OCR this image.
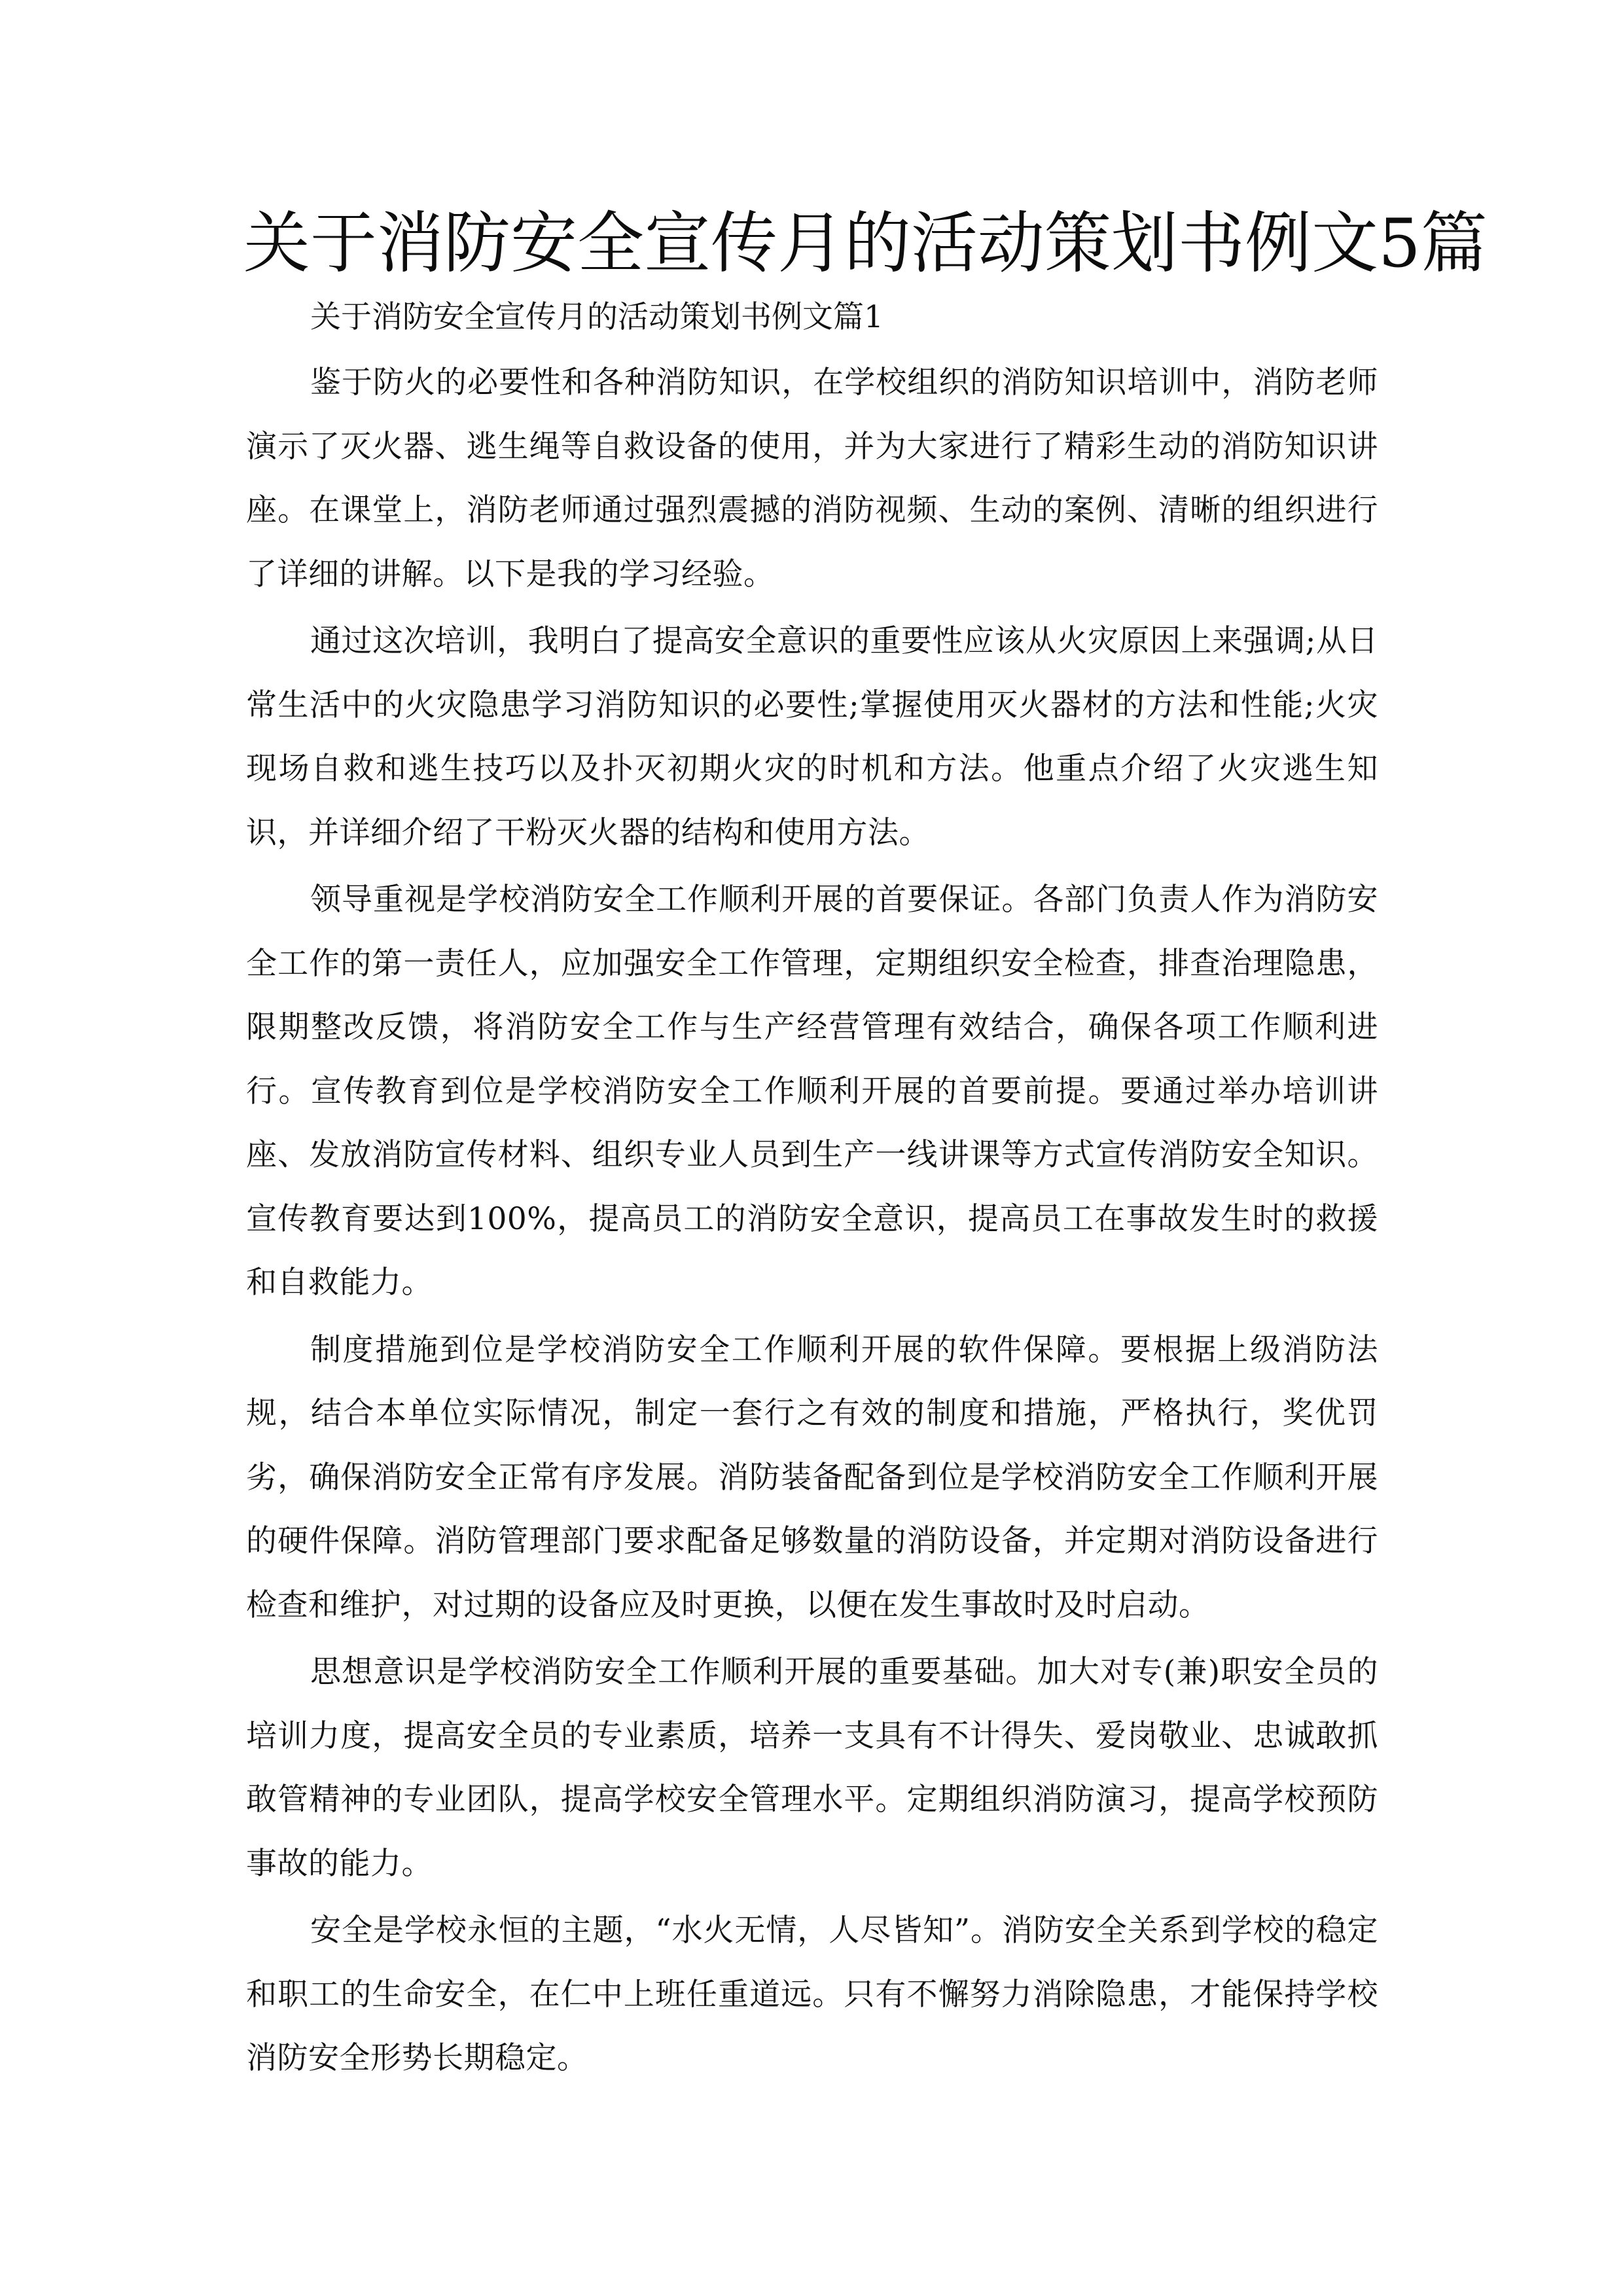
关于消防安全宣传月的活动策划书例文5篇

关于消防安全宣传月的活动策划书例文篇1

鉴于防火的必要性和各种消防知识，在学校组织的消防知识培训中，消防老师演示了灭火器、逃生绳等自救设备的使用，并为大家进行了精彩生动的消防知识讲座。在课堂上，消防老师通过强烈震撼的消防视频、生动的案例、清晰的组织进行了详细的讲解。以下是我的学习经验。

通过这次培训，我明白了提高安全意识的重要性应该从火灾原因上来强调;从日常生活中的火灾隐患学习消防知识的必要性;掌握使用灭火器材的方法和性能;火灾现场自救和逃生技巧以及扑灭初期火灾的时机和方法。他重点介绍了火灾逃生知识，并详细介绍了干粉灭火器的结构和使用方法。

领导重视是学校消防安全工作顺利开展的首要保证。各部门负责人作为消防安全工作的第一责任人，应加强安全工作管理，定期组织安全检查，排查治理隐患，限期整改反馈，将消防安全工作与生产经营管理有效结合，确保各项工作顺利进行。宣传教育到位是学校消防安全工作顺利开展的首要前提。要通过举办培训讲座、发放消防宣传材料、组织专业人员到生产一线讲课等方式宣传消防安全知识。宣传教育要达到100%，提高员工的消防安全意识，提高员工在事故发生时的救援和自救能力。

制度措施到位是学校消防安全工作顺利开展的软件保障。要根据上级消防法规，结合本单位实际情况，制定一套行之有效的制度和措施，严格执行，奖优罚劣，确保消防安全正常有序发展。消防装备配备到位是学校消防安全工作顺利开展的硬件保障。消防管理部门要求配备足够数量的消防设备，并定期对消防设备进行检查和维护，对过期的设备应及时更换，以便在发生事故时及时启动。

思想意识是学校消防安全工作顺利开展的重要基础。加大对专(兼)职安全员的培训力度，提高安全员的专业素质，培养一支具有不计得失、爱岗敬业、忠诚敢抓敢管精神的专业团队，提高学校安全管理水平。定期组织消防演习，提高学校预防事故的能力。

安全是学校永恒的主题，“水火无情，人尽皆知”。消防安全关系到学校的稳定和职工的生命安全，在仁中上班任重道远。只有不懈努力消除隐患，才能保持学校消防安全形势长期稳定。
